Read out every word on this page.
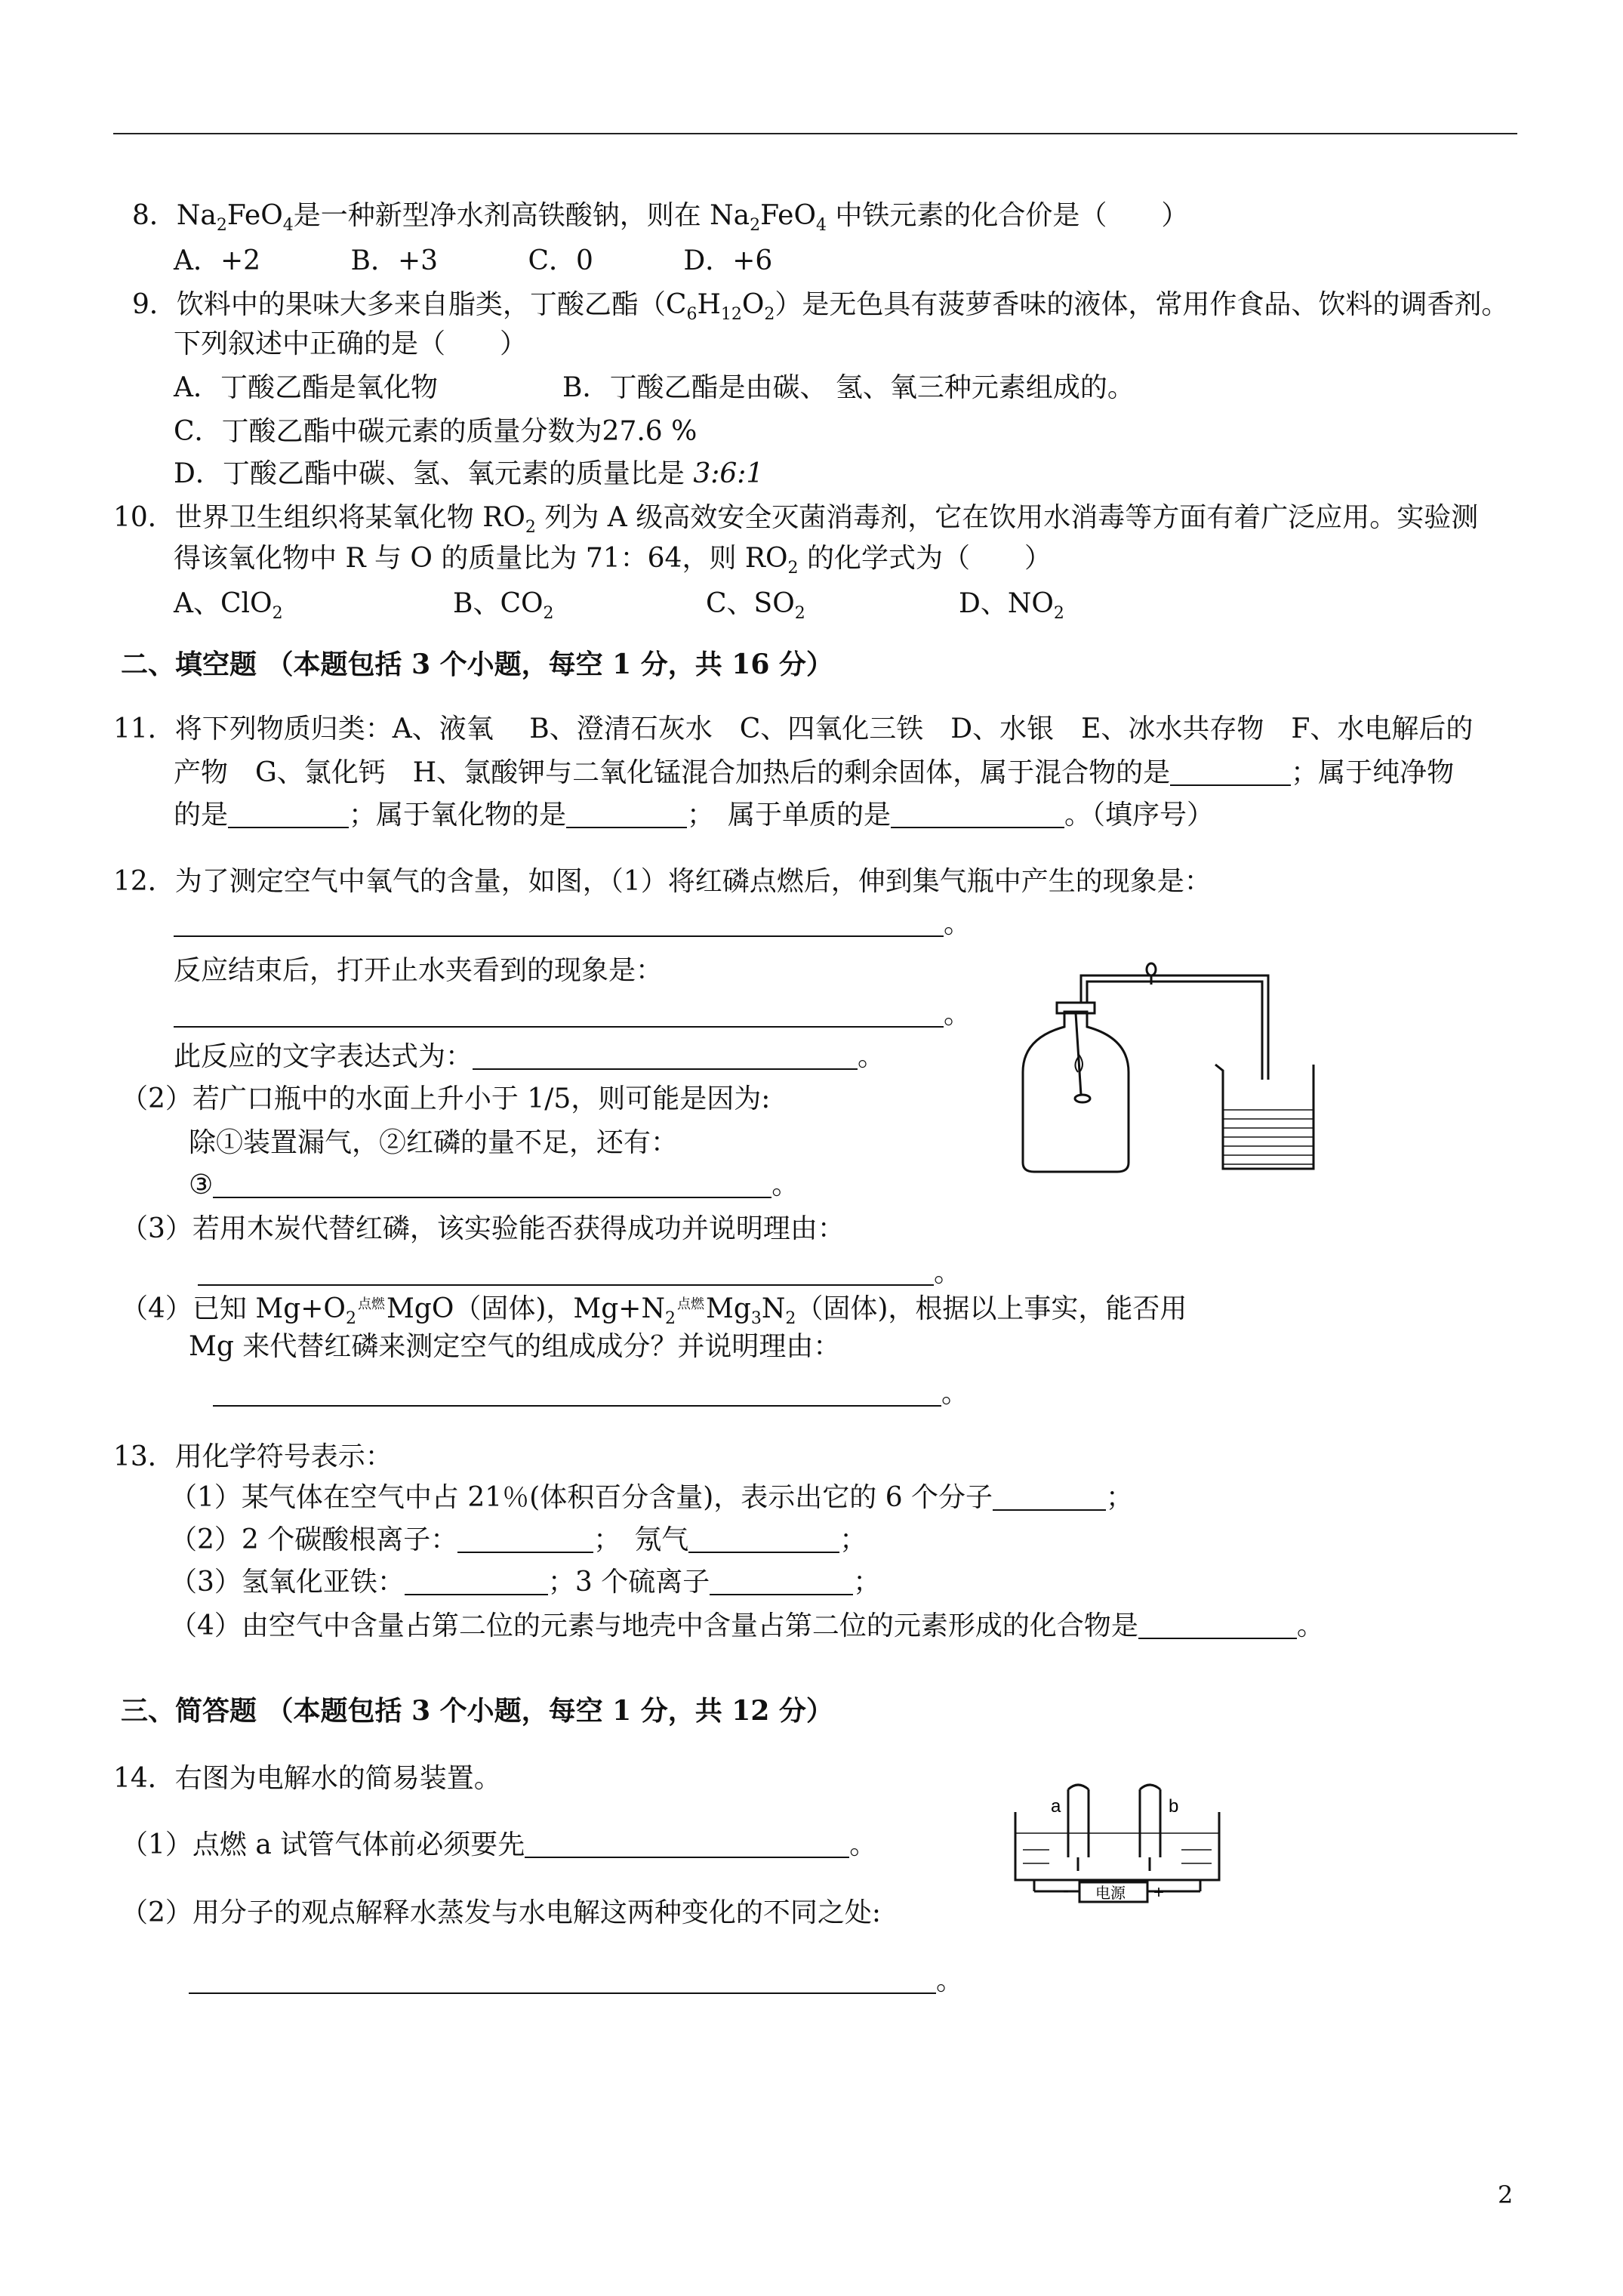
8．$Na_2FeO_4$是一种新型净水剂高铁酸钠，则在 $Na_2FeO_4$ 中铁元素的化合价是（　　）
A．+2　　　 B．+3　　　 C．0　　　 D．+6
9．饮料中的果味大多来自脂类，丁酸乙酯$(C_6H_{12}O_2)$是无色具有菠萝香味的液体，常用作食品、饮料的调香剂。
下列叙述中正确的是（　　）
A．丁酸乙酯是氧化物	B．丁酸乙酯是由碳、 氢、氧三种元素组成的。
C．丁酸乙酯中碳元素的质量分数为27.6 %
D．丁酸乙酯中碳、氢、氧元素的质量比是 3:6:1
10．世界卫生组织将某氧化物 $RO_2$ 列为 A 级高效安全灭菌消毒剂，它在饮用水消毒等方面有着广泛应用。实验测
得该氧化物中 R 与 O 的质量比为 71：64，则 $RO_2$ 的化学式为（　　）
A、ClO$_2$	B、$CO_2$	C、$SO_2$	D、$NO_2$
二、填空题 （本题包括 3 个小题，每空 1 分，共 16 分）
11．将下列物质归类：A、液氧　 B、澄清石灰水　C、四氧化三铁　D、水银　E、冰水共存物　F、水电解后的
产物　G、氯化钙　H、氯酸钾与二氧化锰混合加热后的剩余固体，属于混合物的是	；属于纯净物
的是	；属于氧化物的是	；　属于单质的是	。（填序号）
12．为了测定空气中氧气的含量，如图，（1）将红磷点燃后，伸到集气瓶中产生的现象是：
。
反应结束后，打开止水夹看到的现象是：
。
此反应的文字表达式为：	。
（2）若广口瓶中的水面上升小于 1/5，则可能是因为:
除①装置漏气，②红磷的量不足，还有：
③	。
（3）若用木炭代替红磷，该实验能否获得成功并说明理由：
。
（4）已知 $Mg+O_2$点燃MgO（固体)，$Mg+N_2$点燃$Mg_3N_2$（固体)，根据以上事实，能否用
Mg 来代替红磷来测定空气的组成成分？并说明理由：
。
13．用化学符号表示：
（1）某气体在空气中占 21％(体积百分含量)，表示出它的 6 个分子	；
（2）2 个碳酸根离子：	；　氖气	；
（3）氢氧化亚铁：	；3 个硫离子	；
（4）由空气中含量占第二位的元素与地壳中含量占第二位的元素形成的化合物是	。
三、简答题 （本题包括 3 个小题，每空 1 分，共 12 分）
14．右图为电解水的简易装置。
（1）点燃 a 试管气体前必须要先	。
（2）用分子的观点解释水蒸发与水电解这两种变化的不同之处:
。
a	b
电源
-	+
2
